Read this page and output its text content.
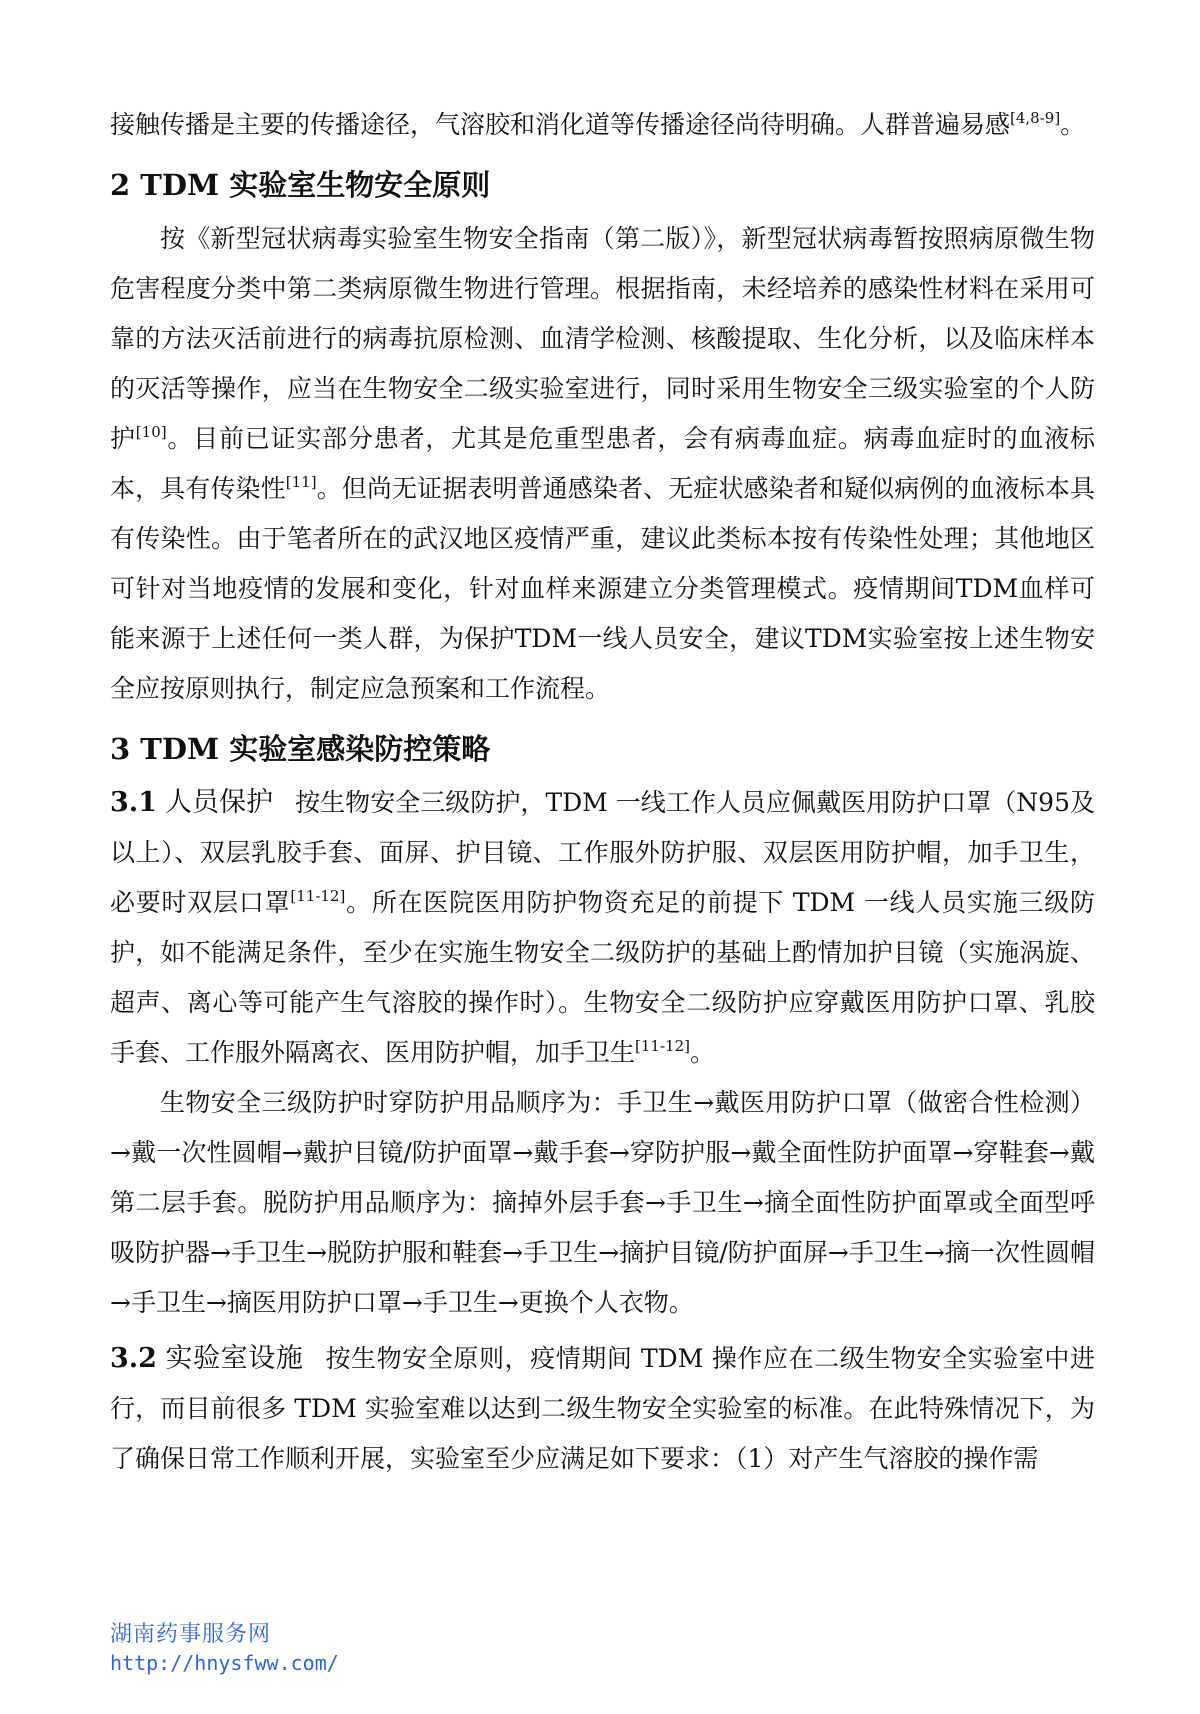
接触传播是主要的传播途径，气溶胶和消化道等传播途径尚待明确。人群普遍易感[4,8-9]。

2 TDM 实验室生物安全原则

按《新型冠状病毒实验室生物安全指南（第二版）》，新型冠状病毒暂按照病原微生物危害程度分类中第二类病原微生物进行管理。根据指南，未经培养的感染性材料在采用可靠的方法灭活前进行的病毒抗原检测、血清学检测、核酸提取、生化分析，以及临床样本的灭活等操作，应当在生物安全二级实验室进行，同时采用生物安全三级实验室的个人防护[10]。目前已证实部分患者，尤其是危重型患者，会有病毒血症。病毒血症时的血液标本，具有传染性[11]。但尚无证据表明普通感染者、无症状感染者和疑似病例的血液标本具有传染性。由于笔者所在的武汉地区疫情严重，建议此类标本按有传染性处理；其他地区可针对当地疫情的发展和变化，针对血样来源建立分类管理模式。疫情期间TDM血样可能来源于上述任何一类人群，为保护TDM一线人员安全，建议TDM实验室按上述生物安全应按原则执行，制定应急预案和工作流程。

3 TDM 实验室感染防控策略

3.1 人员保护 按生物安全三级防护，TDM 一线工作人员应佩戴医用防护口罩（N95及以上）、双层乳胶手套、面屏、护目镜、工作服外防护服、双层医用防护帽，加手卫生，必要时双层口罩[11-12]。所在医院医用防护物资充足的前提下 TDM 一线人员实施三级防护，如不能满足条件，至少在实施生物安全二级防护的基础上酌情加护目镜（实施涡旋、超声、离心等可能产生气溶胶的操作时）。生物安全二级防护应穿戴医用防护口罩、乳胶手套、工作服外隔离衣、医用防护帽，加手卫生[11-12]。

生物安全三级防护时穿防护用品顺序为：手卫生→戴医用防护口罩（做密合性检测）→戴一次性圆帽→戴护目镜/防护面罩→戴手套→穿防护服→戴全面性防护面罩→穿鞋套→戴第二层手套。脱防护用品顺序为：摘掉外层手套→手卫生→摘全面性防护面罩或全面型呼吸防护器→手卫生→脱防护服和鞋套→手卫生→摘护目镜/防护面屏→手卫生→摘一次性圆帽→手卫生→摘医用防护口罩→手卫生→更换个人衣物。

3.2 实验室设施 按生物安全原则，疫情期间 TDM 操作应在二级生物安全实验室中进行，而目前很多 TDM 实验室难以达到二级生物安全实验室的标准。在此特殊情况下，为了确保日常工作顺利开展，实验室至少应满足如下要求：（1）对产生气溶胶的操作需

湖南药事服务网
http://hnysfww.com/
